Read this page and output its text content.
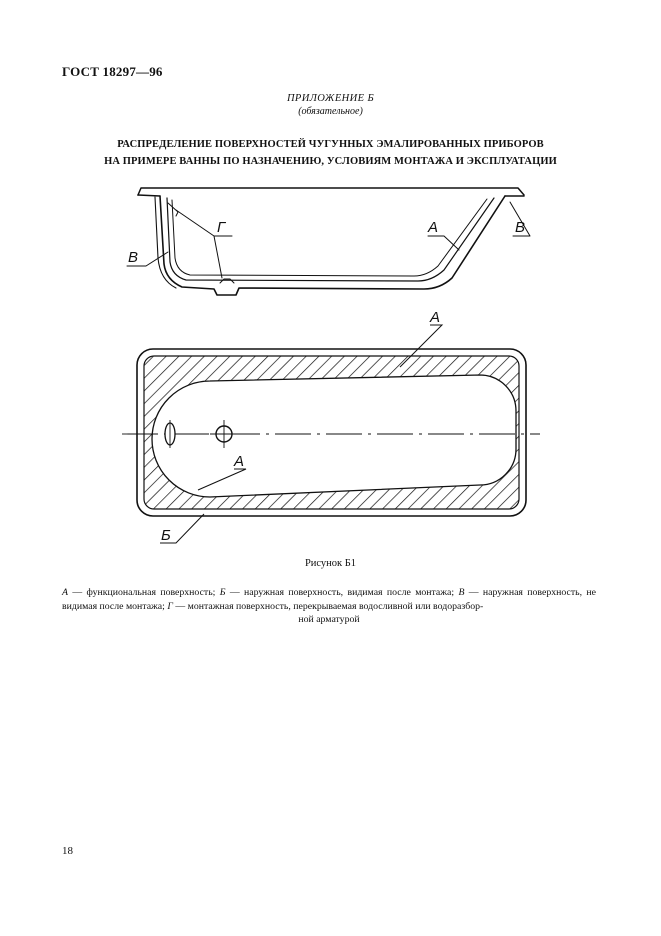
ГОСТ 18297—96
ПРИЛОЖЕНИЕ Б
(обязательное)
РАСПРЕДЕЛЕНИЕ ПОВЕРХНОСТЕЙ ЧУГУННЫХ ЭМАЛИРОВАННЫХ ПРИБОРОВ
НА ПРИМЕРЕ ВАННЫ ПО НАЗНАЧЕНИЮ, УСЛОВИЯМ МОНТАЖА И ЭКСПЛУАТАЦИИ
Г	А
В
В
А
А
Б
Рисунок Б1
А — функциональная поверхность; Б — наружная поверхность, видимая после монтажа; В — наружная поверхность, не видимая после монтажа; Г — монтажная поверхность, перекрываемая водосливной или водоразбор-
ной арматурой
18
